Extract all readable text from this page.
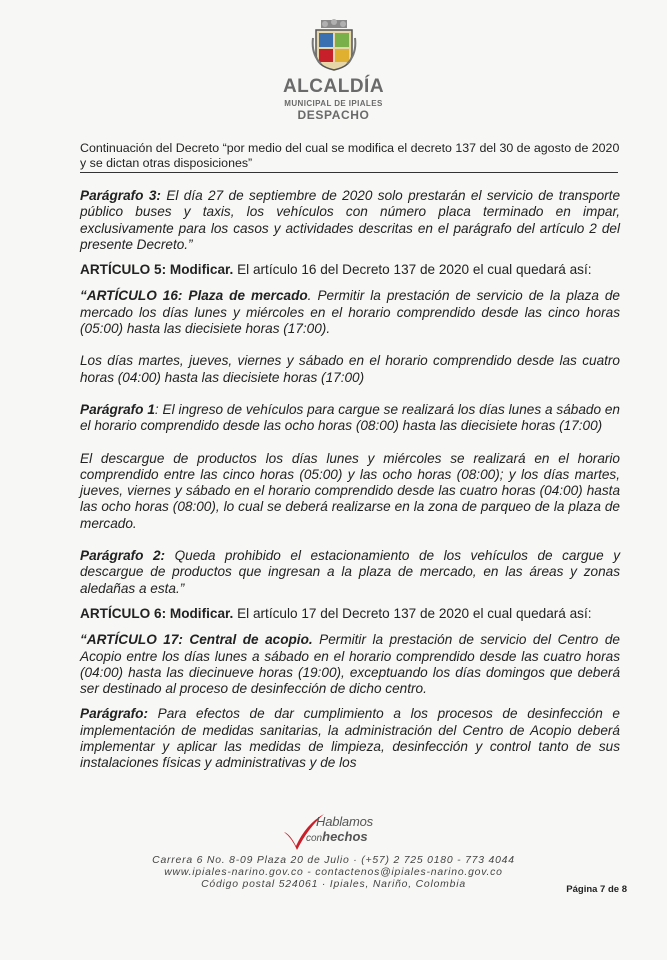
ALCALDÍA
MUNICIPAL DE IPIALES
DESPACHO
Continuación del Decreto “por medio del cual se modifica el decreto 137 del 30 de agosto de 2020 y se dictan otras disposiciones”

Parágrafo 3: El día 27 de septiembre de 2020 solo prestarán el servicio de transporte público buses y taxis, los vehículos con número placa terminado en impar, exclusivamente para los casos y actividades descritas en el parágrafo del artículo 2 del presente Decreto.”

ARTÍCULO 5: Modificar. El artículo 16 del Decreto 137 de 2020 el cual quedará así:

“ARTÍCULO 16: Plaza de mercado. Permitir la prestación de servicio de la plaza de mercado los días lunes y miércoles en el horario comprendido desde las cinco horas (05:00) hasta las diecisiete horas (17:00).

Los días martes, jueves, viernes y sábado en el horario comprendido desde las cuatro horas (04:00) hasta las diecisiete horas (17:00)

Parágrafo 1: El ingreso de vehículos para cargue se realizará los días lunes a sábado en el horario comprendido desde las ocho horas (08:00) hasta las diecisiete horas (17:00)

El descargue de productos los días lunes y miércoles se realizará en el horario comprendido entre las cinco horas (05:00) y las ocho horas (08:00); y los días martes, jueves, viernes y sábado en el horario comprendido desde las cuatro horas (04:00) hasta las ocho horas (08:00), lo cual se deberá realizarse en la zona de parqueo de la plaza de mercado.

Parágrafo 2: Queda prohibido el estacionamiento de los vehículos de cargue y descargue de productos que ingresan a la plaza de mercado, en las áreas y zonas aledañas a esta.”

ARTÍCULO 6: Modificar. El artículo 17 del Decreto 137 de 2020 el cual quedará así:

“ARTÍCULO 17: Central de acopio. Permitir la prestación de servicio del Centro de Acopio entre los días lunes a sábado en el horario comprendido desde las cuatro horas (04:00) hasta las diecinueve horas (19:00), exceptuando los días domingos que deberá ser destinado al proceso de desinfección de dicho centro.

Parágrafo: Para efectos de dar cumplimiento a los procesos de desinfección e implementación de medidas sanitarias, la administración del Centro de Acopio deberá implementar y aplicar las medidas de limpieza, desinfección y control tanto de sus instalaciones físicas y administrativas y de los

Hablamos
conhechos
Carrera 6 No. 8-09 Plaza 20 de Julio · (+57) 2 725 0180 - 773 4044
www.ipiales-narino.gov.co - contactenos@ipiales-narino.gov.co
Código postal 524061 · Ipiales, Nariño, Colombia	Página 7 de 8
